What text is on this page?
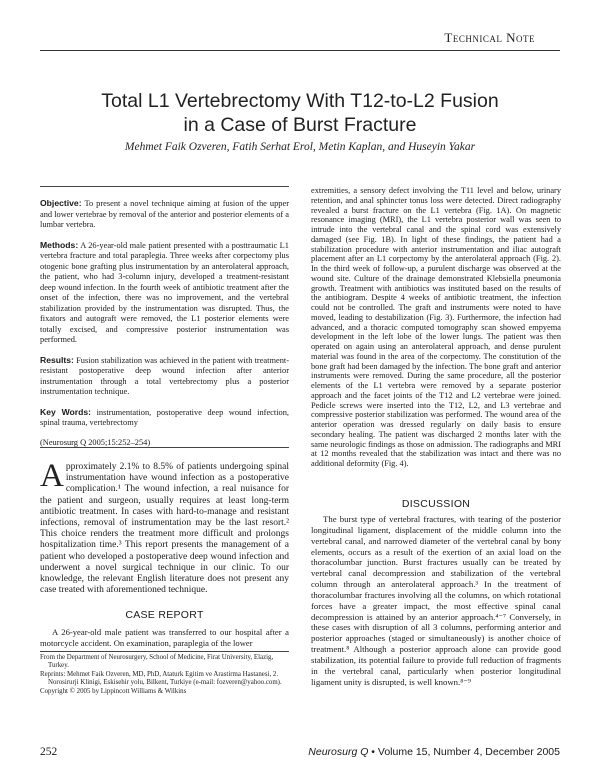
Technical Note
Total L1 Vertebrectomy With T12-to-L2 Fusion
in a Case of Burst Fracture
Mehmet Faik Ozveren, Fatih Serhat Erol, Metin Kaplan, and Huseyin Yakar

Objective: To present a novel technique aiming at fusion of the upper and lower vertebrae by removal of the anterior and posterior elements of a lumbar vertebra.

Methods: A 26-year-old male patient presented with a posttraumatic L1 vertebra fracture and total paraplegia. Three weeks after corpectomy plus otogenic bone grafting plus instrumentation by an anterolateral approach, the patient, who had 3-column injury, developed a treatment-resistant deep wound infection. In the fourth week of antibiotic treatment after the onset of the infection, there was no improvement, and the vertebral stabilization provided by the instrumentation was disrupted. Thus, the fixators and autograft were removed, the L1 posterior elements were totally excised, and compressive posterior instrumentation was performed.

Results: Fusion stabilization was achieved in the patient with treatment-resistant postoperative deep wound infection after anterior instrumentation through a total vertebrectomy plus a posterior instrumentation technique.

Key Words: instrumentation, postoperative deep wound infection, spinal trauma, vertebrectomy

(Neurosurg Q 2005;15:252–254)

Approximately 2.1% to 8.5% of patients undergoing spinal instrumentation have wound infection as a postoperative complication.¹ The wound infection, a real nuisance for the patient and surgeon, usually requires at least long-term antibiotic treatment. In cases with hard-to-manage and resistant infections, removal of instrumentation may be the last resort.² This choice renders the treatment more difficult and prolongs hospitalization time.³ This report presents the management of a patient who developed a postoperative deep wound infection and underwent a novel surgical technique in our clinic. To our knowledge, the relevant English literature does not present any case treated with aforementioned technique.
CASE REPORT
A 26-year-old male patient was transferred to our hospital after a motorcycle accident. On examination, paraplegia of the lower

From the Department of Neurosurgery, School of Medicine, Firat University, Elazig, Turkey.

Reprints: Mehmet Faik Ozveren, MD, PhD, Ataturk Egitim ve Arastirma Hastanesi, 2. Norosirurji Klinigi, Eskisehir yolu, Bilkent, Turkiye (e-mail: fozveren@yahoo.com).

Copyright © 2005 by Lippincott Williams & Wilkins

extremities, a sensory defect involving the T11 level and below, urinary retention, and anal sphincter tonus loss were detected. Direct radiography revealed a burst fracture on the L1 vertebra (Fig. 1A). On magnetic resonance imaging (MRI), the L1 vertebra posterior wall was seen to intrude into the vertebral canal and the spinal cord was extensively damaged (see Fig. 1B). In light of these findings, the patient had a stabilization procedure with anterior instrumentation and iliac autograft placement after an L1 corpectomy by the anterolateral approach (Fig. 2). In the third week of follow-up, a purulent discharge was observed at the wound site. Culture of the drainage demonstrated Klebsiella pneumonia growth. Treatment with antibiotics was instituted based on the results of the antibiogram. Despite 4 weeks of antibiotic treatment, the infection could not be controlled. The graft and instruments were noted to have moved, leading to destabilization (Fig. 3). Furthermore, the infection had advanced, and a thoracic computed tomography scan showed empyema development in the left lobe of the lower lungs. The patient was then operated on again using an anterolateral approach, and dense purulent material was found in the area of the corpectomy. The constitution of the bone graft had been damaged by the infection. The bone graft and anterior instruments were removed. During the same procedure, all the posterior elements of the L1 vertebra were removed by a separate posterior approach and the facet joints of the T12 and L2 vertebrae were joined. Pedicle screws were inserted into the T12, L2, and L3 vertebrae and compressive posterior stabilization was performed. The wound area of the anterior operation was dressed regularly on daily basis to ensure secondary healing. The patient was discharged 2 months later with the same neurologic findings as those on admission. The radiographs and MRI at 12 months revealed that the stabilization was intact and there was no additional deformity (Fig. 4).
DISCUSSION
The burst type of vertebral fractures, with tearing of the posterior longitudinal ligament, displacement of the middle column into the vertebral canal, and narrowed diameter of the vertebral canal by bony elements, occurs as a result of the exertion of an axial load on the thoracolumbar junction. Burst fractures usually can be treated by vertebral canal decompression and stabilization of the vertebral column through an anterolateral approach.³ In the treatment of thoracolumbar fractures involving all the columns, on which rotational forces have a greater impact, the most effective spinal canal decompression is attained by an anterior approach.⁴⁻⁷ Conversely, in these cases with disruption of all 3 columns, performing anterior and posterior approaches (staged or simultaneously) is another choice of treatment.⁸ Although a posterior approach alone can provide good stabilization, its potential failure to provide full reduction of fragments in the vertebral canal, particularly when posterior longitudinal ligament unity is disrupted, is well known.⁸⁻⁹
252	Neurosurg Q • Volume 15, Number 4, December 2005
